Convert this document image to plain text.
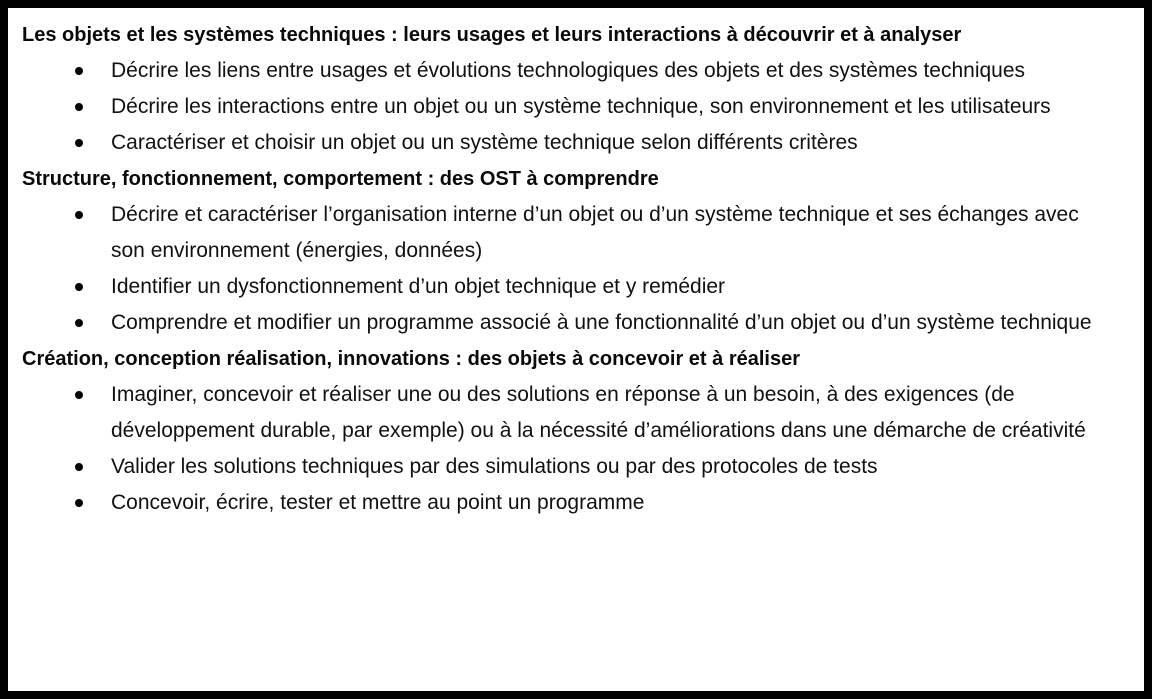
Les objets et les systèmes techniques : leurs usages et leurs interactions à découvrir et à analyser
Décrire les liens entre usages et évolutions technologiques des objets et des systèmes techniques
Décrire les interactions entre un objet ou un système technique, son environnement et les utilisateurs
Caractériser et choisir un objet ou un système technique selon différents critères
Structure, fonctionnement, comportement : des OST à comprendre
Décrire et caractériser l’organisation interne d’un objet ou d’un système technique et ses échanges avec son environnement (énergies, données)
Identifier un dysfonctionnement d’un objet technique et y remédier
Comprendre et modifier un programme associé à une fonctionnalité d’un objet ou d’un système technique
Création, conception réalisation, innovations : des objets à concevoir et à réaliser
Imaginer, concevoir et réaliser une ou des solutions en réponse à un besoin, à des exigences (de développement durable, par exemple) ou à la nécessité d’améliorations dans une démarche de créativité
Valider les solutions techniques par des simulations ou par des protocoles de tests
Concevoir, écrire, tester et mettre au point un programme
